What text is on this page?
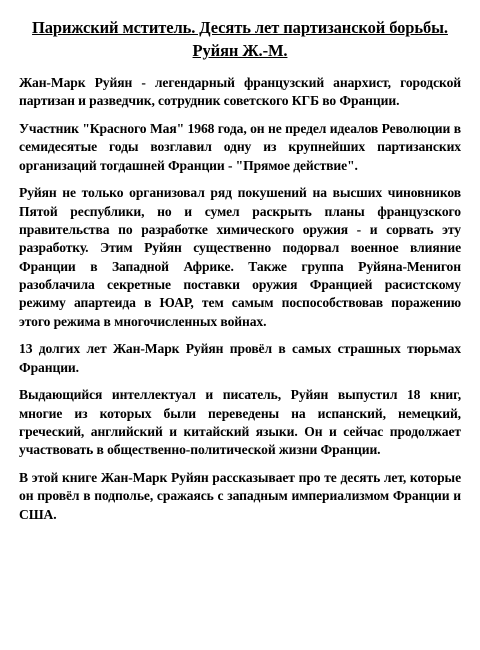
Парижский мститель. Десять лет партизанской борьбы. Руйян Ж.-М.

Жан-Марк Руйян - легендарный французский анархист, городской партизан и разведчик, сотрудник советского КГБ во Франции.

Участник "Красного Мая" 1968 года, он не предел идеалов Революции в семидесятые годы возглавил одну из крупнейших партизанских организаций тогдашней Франции - "Прямое действие".

Руйян не только организовал ряд покушений на высших чиновников Пятой республики, но и сумел раскрыть планы французского правительства по разработке химического оружия - и сорвать эту разработку. Этим Руйян существенно подорвал военное влияние Франции в Западной Африке. Также группа Руйяна-Менигон разоблачила секретные поставки оружия Францией расистскому режиму апартеида в ЮАР, тем самым поспособствовав поражению этого режима в многочисленных войнах.

13 долгих лет Жан-Марк Руйян провёл в самых страшных тюрьмах Франции.

Выдающийся интеллектуал и писатель, Руйян выпустил 18 книг, многие из которых были переведены на испанский, немецкий, греческий, английский и китайский языки. Он и сейчас продолжает участвовать в общественно-политической жизни Франции.

В этой книге Жан-Марк Руйян рассказывает про те десять лет, которые он провёл в подполье, сражаясь с западным империализмом Франции и США.
